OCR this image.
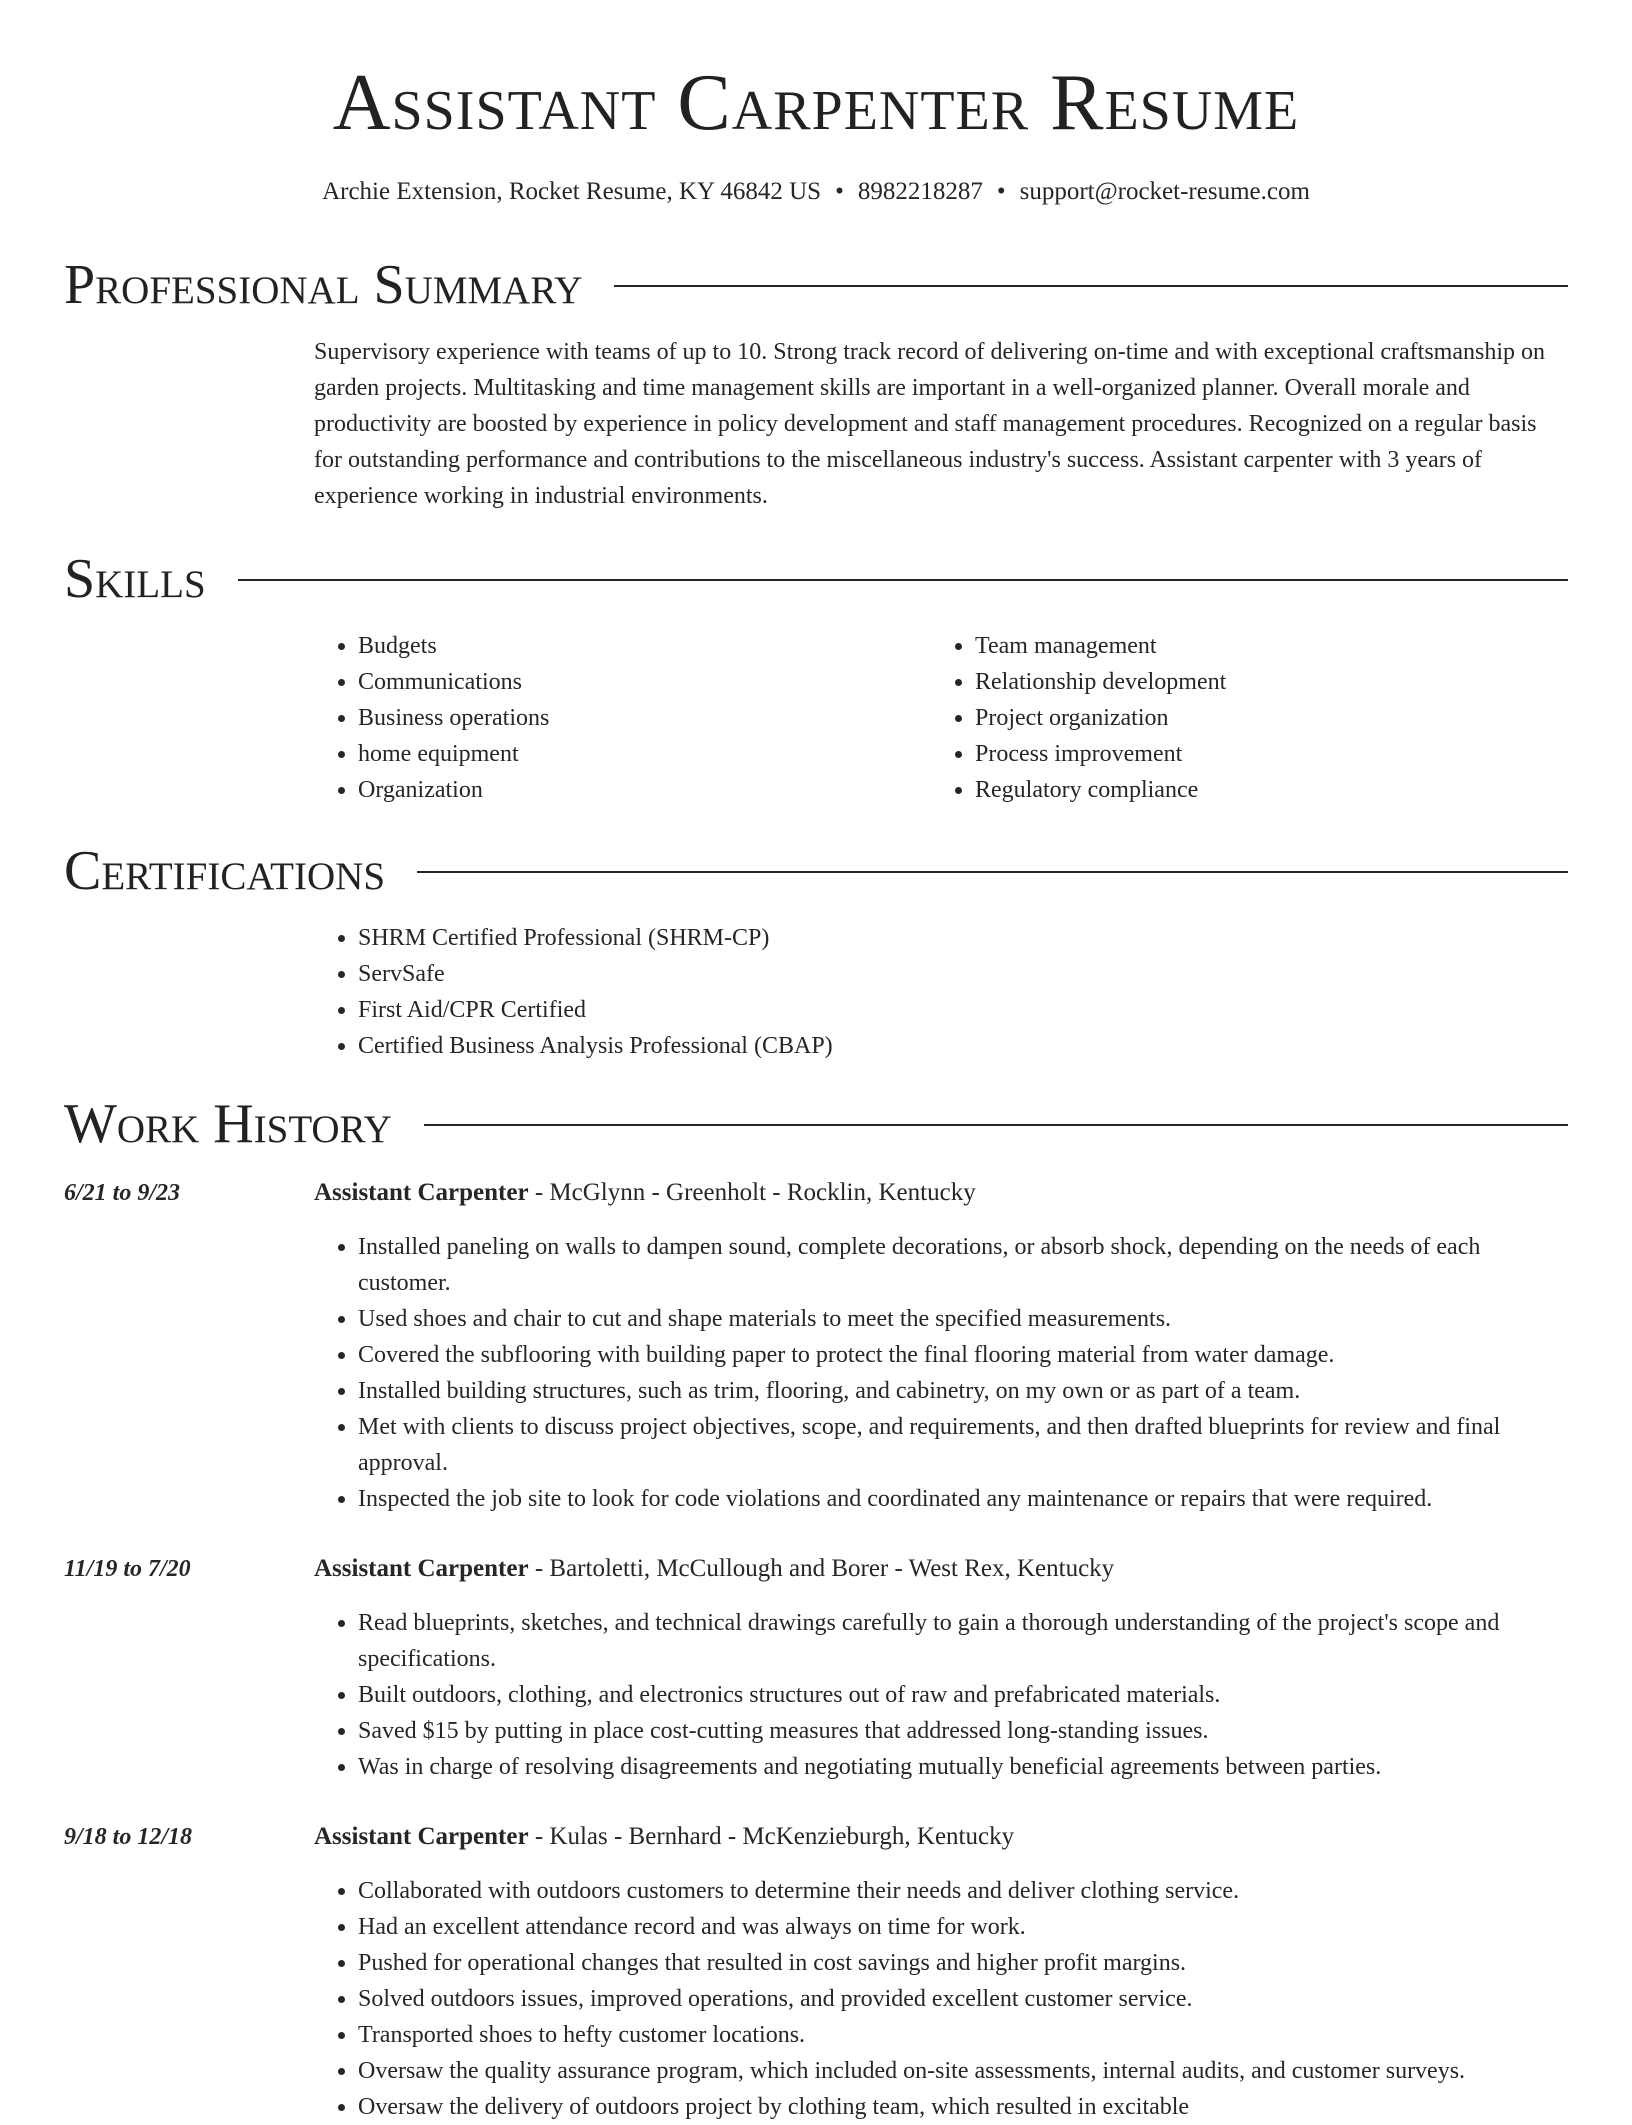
Assistant Carpenter Resume
Archie Extension, Rocket Resume, KY 46842 US • 8982218287 • support@rocket-resume.com
Professional Summary

Supervisory experience with teams of up to 10. Strong track record of delivering on-time and with exceptional craftsmanship on garden projects. Multitasking and time management skills are important in a well-organized planner. Overall morale and productivity are boosted by experience in policy development and staff management procedures. Recognized on a regular basis for outstanding performance and contributions to the miscellaneous industry's success. Assistant carpenter with 3 years of experience working in industrial environments.

Skills
• Budgets
• Communications
• Business operations
• home equipment
• Organization
• Team management
• Relationship development
• Project organization
• Process improvement
• Regulatory compliance
Certifications
• SHRM Certified Professional (SHRM-CP)
• ServSafe
• First Aid/CPR Certified
• Certified Business Analysis Professional (CBAP)
Work History
6/21 to 9/23	Assistant Carpenter - McGlynn - Greenholt - Rocklin, Kentucky
• Installed paneling on walls to dampen sound, complete decorations, or absorb shock, depending on the needs of each customer.
• Used shoes and chair to cut and shape materials to meet the specified measurements.
• Covered the subflooring with building paper to protect the final flooring material from water damage.
• Installed building structures, such as trim, flooring, and cabinetry, on my own or as part of a team.
• Met with clients to discuss project objectives, scope, and requirements, and then drafted blueprints for review and final approval.
• Inspected the job site to look for code violations and coordinated any maintenance or repairs that were required.
11/19 to 7/20	Assistant Carpenter - Bartoletti, McCullough and Borer - West Rex, Kentucky
• Read blueprints, sketches, and technical drawings carefully to gain a thorough understanding of the project's scope and specifications.
• Built outdoors, clothing, and electronics structures out of raw and prefabricated materials.
• Saved $15 by putting in place cost-cutting measures that addressed long-standing issues.
• Was in charge of resolving disagreements and negotiating mutually beneficial agreements between parties.
9/18 to 12/18	Assistant Carpenter - Kulas - Bernhard - McKenzieburgh, Kentucky
• Collaborated with outdoors customers to determine their needs and deliver clothing service.
• Had an excellent attendance record and was always on time for work.
• Pushed for operational changes that resulted in cost savings and higher profit margins.
• Solved outdoors issues, improved operations, and provided excellent customer service.
• Transported shoes to hefty customer locations.
• Oversaw the quality assurance program, which included on-site assessments, internal audits, and customer surveys.
• Oversaw the delivery of outdoors project by clothing team, which resulted in excitable
